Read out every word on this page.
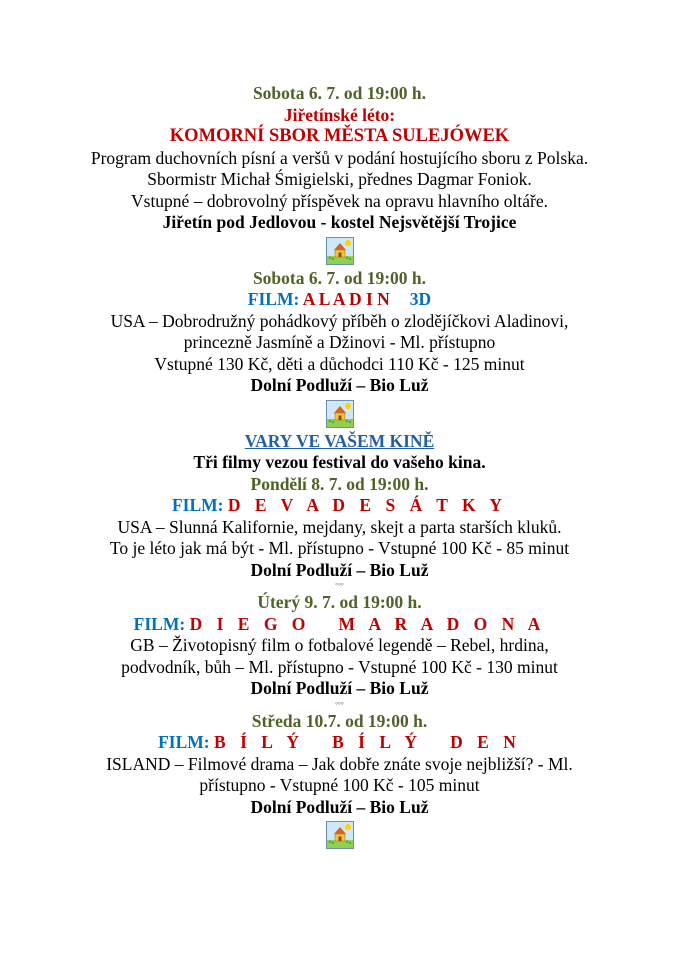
Sobota 6. 7. od 19:00 h.
Jiřetínské léto:
KOMORNÍ SBOR MĚSTA SULEJÓWEK
Program duchovních písní a veršů v podání hostujícího sboru z Polska.
Sbormistr Michał Śmigielski, přednes Dagmar Foniok.
Vstupné – dobrovolný příspěvek na opravu hlavního oltáře.
Jiřetín pod Jedlovou - kostel Nejsvětější Trojice
Sobota 6. 7. od 19:00 h.
FILM: A L A D I N 3D
USA – Dobrodružný pohádkový příběh o zlodějíčkovi Aladinovi,
princezně Jasmíně a Džinovi - Ml. přístupno
Vstupné 130 Kč, děti a důchodci 110 Kč - 125 minut
Dolní Podluží – Bio Luž
VARY VE VAŠEM KINĚ
Tři filmy vezou festival do vašeho kina.
Pondělí 8. 7. od 19:00 h.
FILM: D E V A D E S Á T K Y
USA – Slunná Kalifornie, mejdany, skejt a parta starších kluků.
To je léto jak má být - Ml. přístupno - Vstupné 100 Kč - 85 minut
Dolní Podluží – Bio Luž
°°°
Úterý 9. 7. od 19:00 h.
FILM: D I E G O   M A R A D O N A
GB – Životopisný film o fotbalové legendě – Rebel, hrdina,
podvodník, bůh – Ml. přístupno - Vstupné 100 Kč - 130 minut
Dolní Podluží – Bio Luž
°°°
Středa 10.7. od 19:00 h.
FILM: B Í L Ý   B Í L Ý   D E N
ISLAND – Filmové drama – Jak dobře znáte svoje nejbližší? - Ml.
přístupno - Vstupné 100 Kč - 105 minut
Dolní Podluží – Bio Luž
